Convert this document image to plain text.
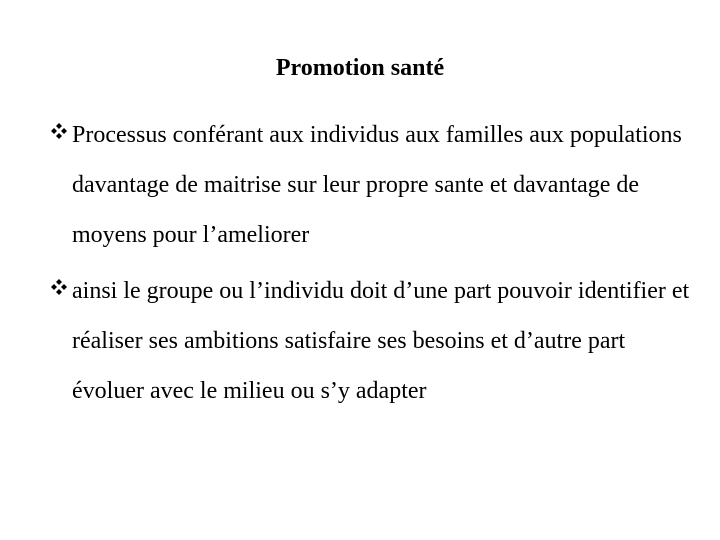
Promotion santé
Processus conférant aux individus aux familles aux populations davantage de maitrise sur leur propre sante et davantage de moyens pour l’ameliorer
ainsi le groupe ou l’individu doit d’une part pouvoir identifier et réaliser ses ambitions satisfaire ses besoins et d’autre part évoluer avec le milieu ou s’y adapter
